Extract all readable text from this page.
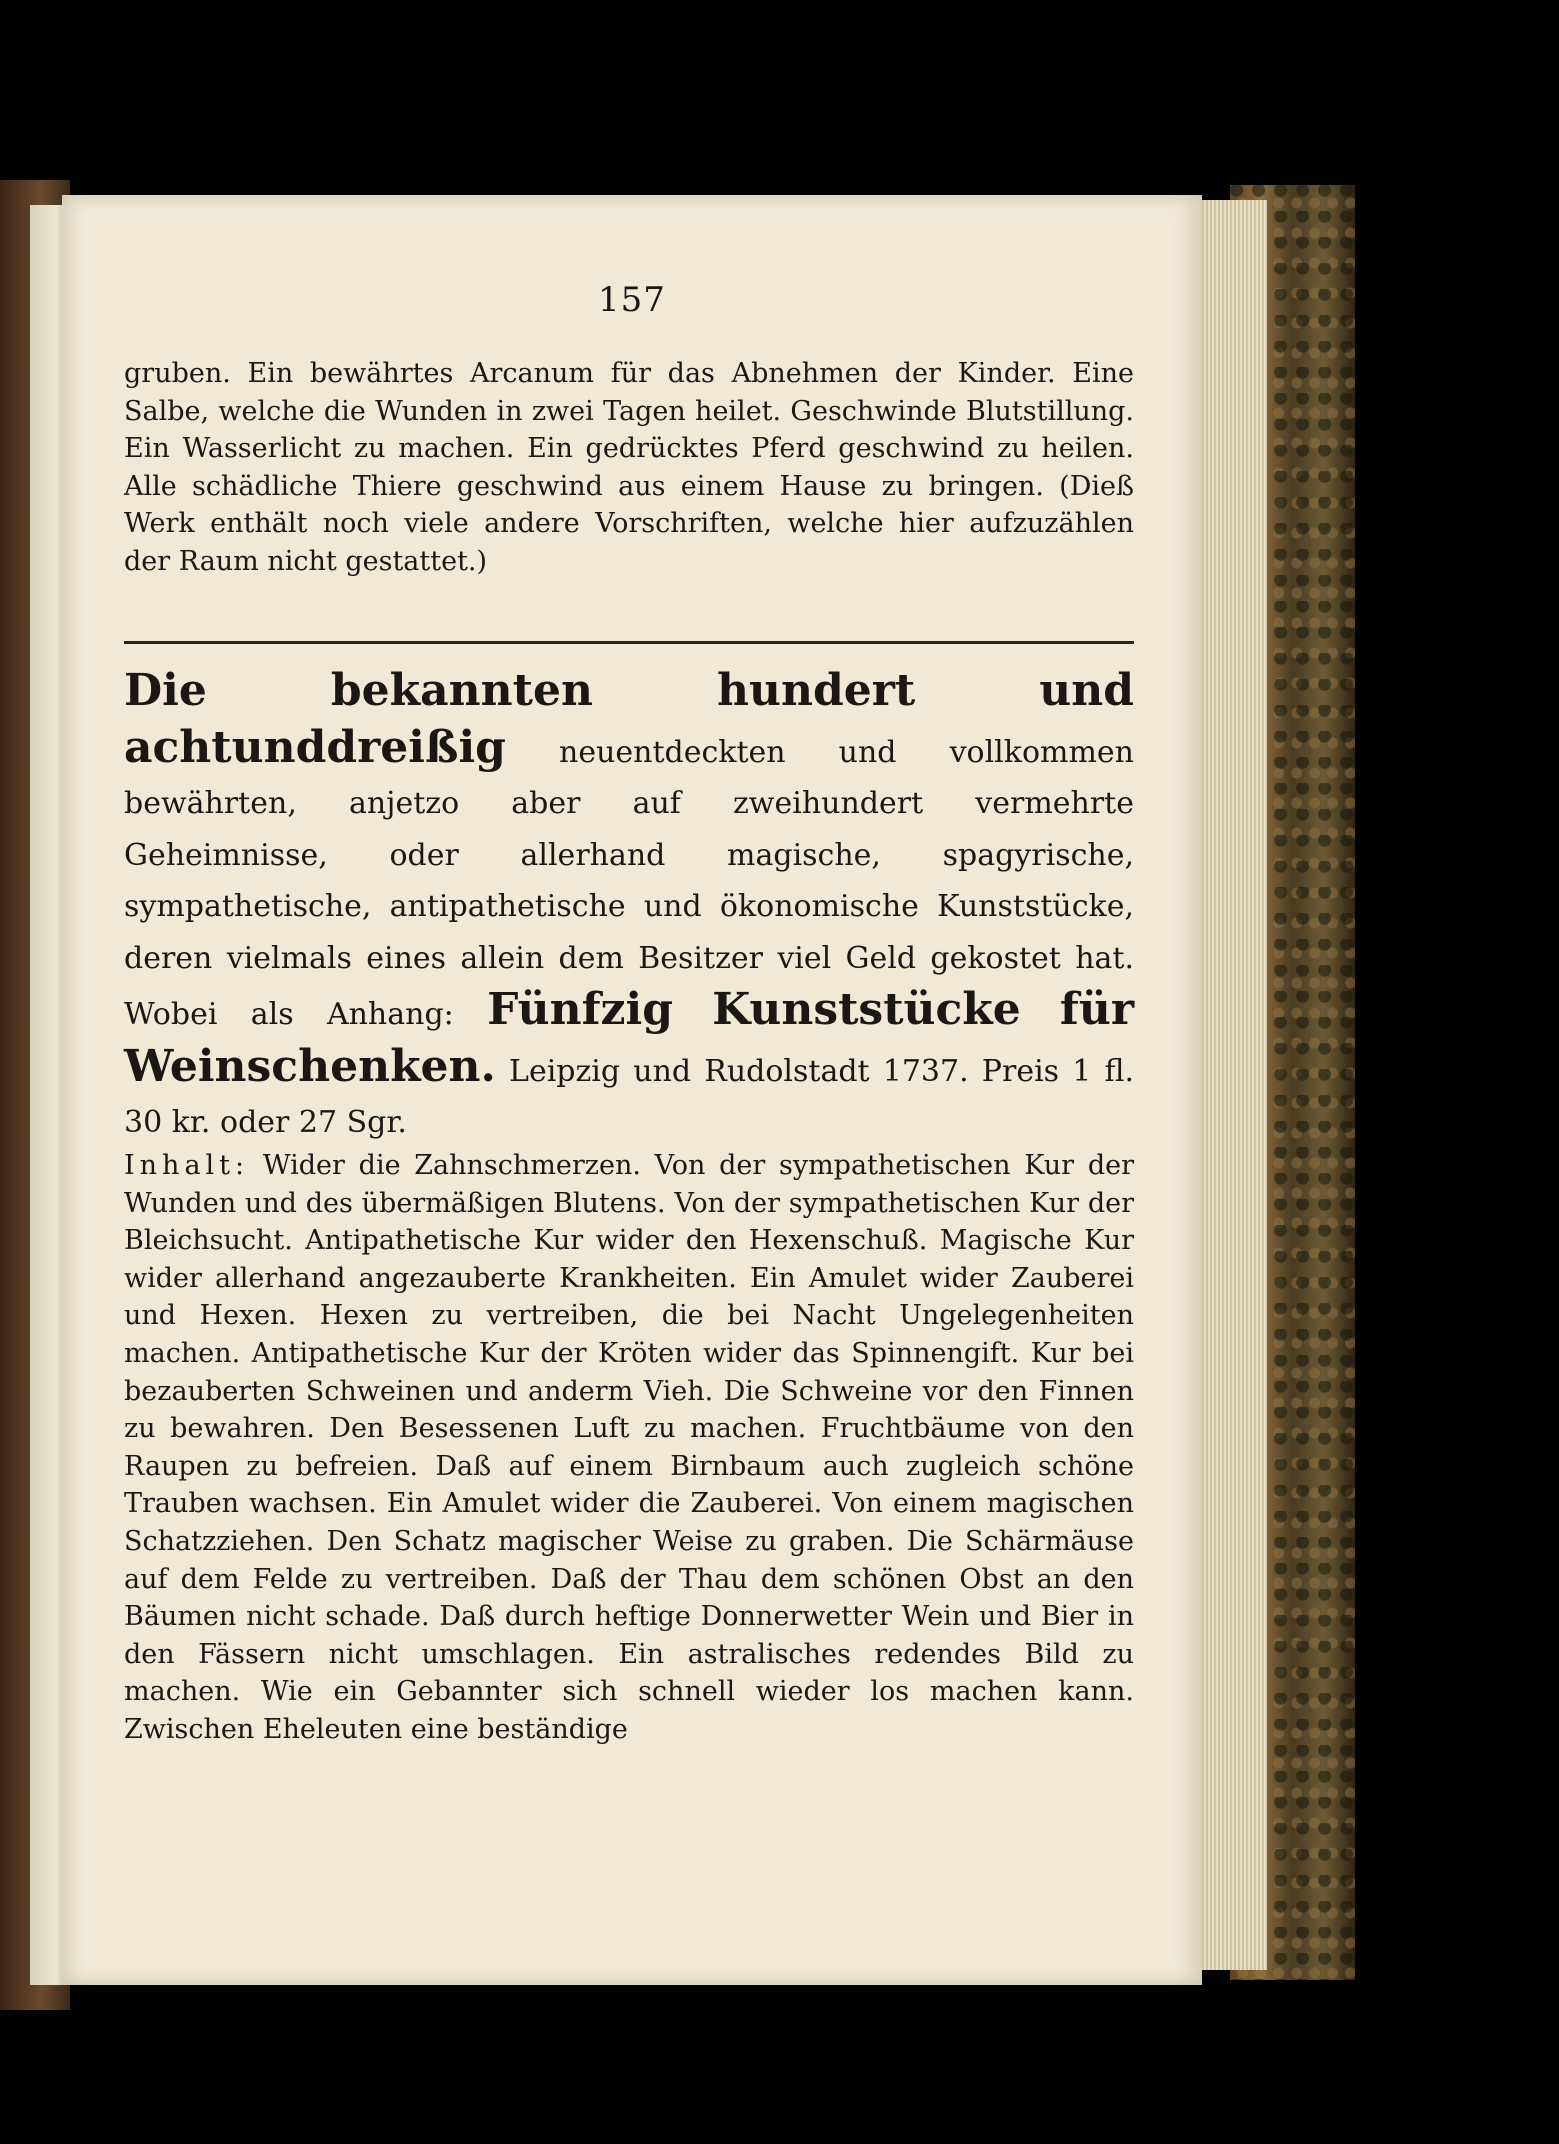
157
gruben. Ein bewährtes Arcanum für das Abnehmen der Kinder. Eine Salbe, welche die Wunden in zwei Tagen heilet. Geschwinde Blutstillung. Ein Wasserlicht zu machen. Ein gedrücktes Pferd geschwind zu heilen. Alle schädliche Thiere geschwind aus einem Hause zu bringen. (Dieß Werk enthält noch viele andere Vorschriften, welche hier aufzuzählen der Raum nicht gestattet.)
Die bekannten hundert und achtunddreißig neuentdeckten und vollkommen bewährten, anjetzo aber auf zweihundert vermehrte Geheimnisse, oder allerhand magische, spagyrische, sympathetische, antipathetische und ökonomische Kunststücke, deren vielmals eines allein dem Besitzer viel Geld gekostet hat. Wobei als Anhang: Fünfzig Kunststücke für Weinschenken. Leipzig und Rudolstadt 1737. Preis 1 fl. 30 kr. oder 27 Sgr.
Inhalt: Wider die Zahnschmerzen. Von der sympathetischen Kur der Wunden und des übermäßigen Blutens. Von der sympathetischen Kur der Bleichsucht. Antipathetische Kur wider den Hexenschuß. Magische Kur wider allerhand angezauberte Krankheiten. Ein Amulet wider Zauberei und Hexen. Hexen zu vertreiben, die bei Nacht Ungelegenheiten machen. Antipathetische Kur der Kröten wider das Spinnengift. Kur bei bezauberten Schweinen und anderm Vieh. Die Schweine vor den Finnen zu bewahren. Den Besessenen Luft zu machen. Fruchtbäume von den Raupen zu befreien. Daß auf einem Birnbaum auch zugleich schöne Trauben wachsen. Ein Amulet wider die Zauberei. Von einem magischen Schatzziehen. Den Schatz magischer Weise zu graben. Die Schärmäuse auf dem Felde zu vertreiben. Daß der Thau dem schönen Obst an den Bäumen nicht schade. Daß durch heftige Donnerwetter Wein und Bier in den Fässern nicht umschlagen. Ein astralisches redendes Bild zu machen. Wie ein Gebannter sich schnell wieder los machen kann. Zwischen Eheleuten eine beständige
